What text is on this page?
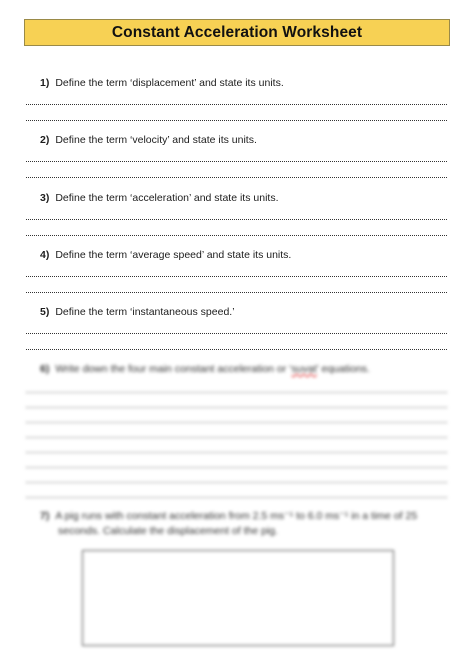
Constant Acceleration Worksheet
1) Define the term ‘displacement’ and state its units.
2) Define the term ‘velocity’ and state its units.
3) Define the term ‘acceleration’ and state its units.
4) Define the term ‘average speed’ and state its units.
5) Define the term ‘instantaneous speed.’
6) Write down the four main constant acceleration or ‘suvat’ equations.
7) A pig runs with constant acceleration from 2.5 ms⁻¹ to 6.0 ms⁻¹ in a time of 25
seconds. Calculate the displacement of the pig.
